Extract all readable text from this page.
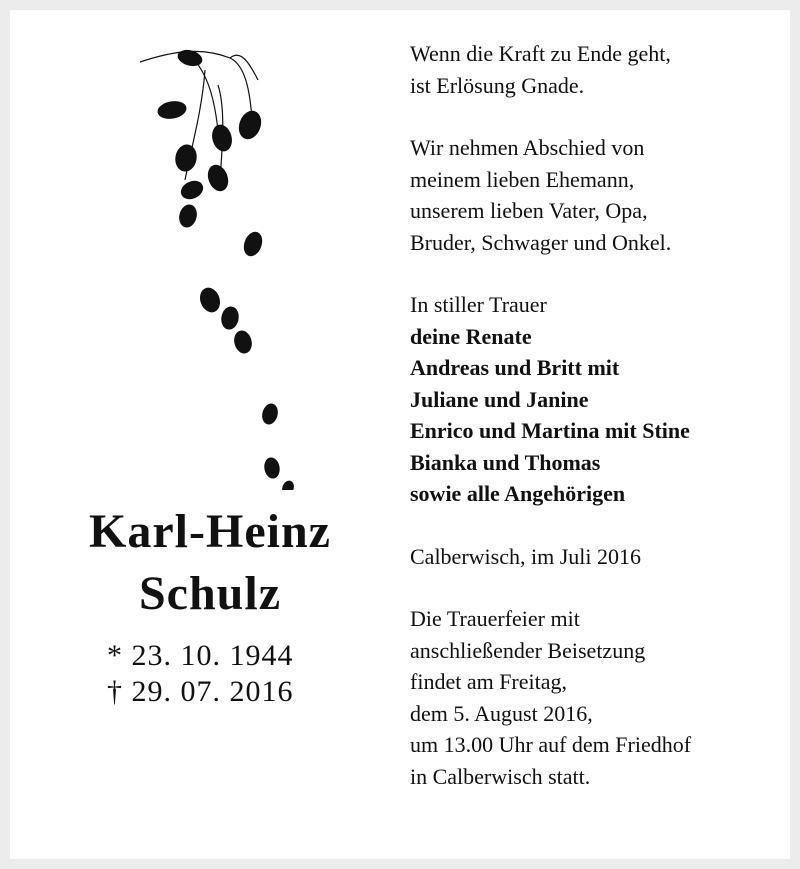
Karl-Heinz
Schulz
* 23. 10. 1944
† 29. 07. 2016

Wenn die Kraft zu Ende geht,

ist Erlösung Gnade.

Wir nehmen Abschied von

meinem lieben Ehemann,

unserem lieben Vater, Opa,

Bruder, Schwager und Onkel.

In stiller Trauer

deine Renate

Andreas und Britt mit

Juliane und Janine

Enrico und Martina mit Stine

Bianka und Thomas

sowie alle Angehörigen

Calberwisch, im Juli 2016

Die Trauerfeier mit

anschließender Beisetzung

findet am Freitag,

dem 5. August 2016,

um 13.00 Uhr auf dem Friedhof

in Calberwisch statt.
